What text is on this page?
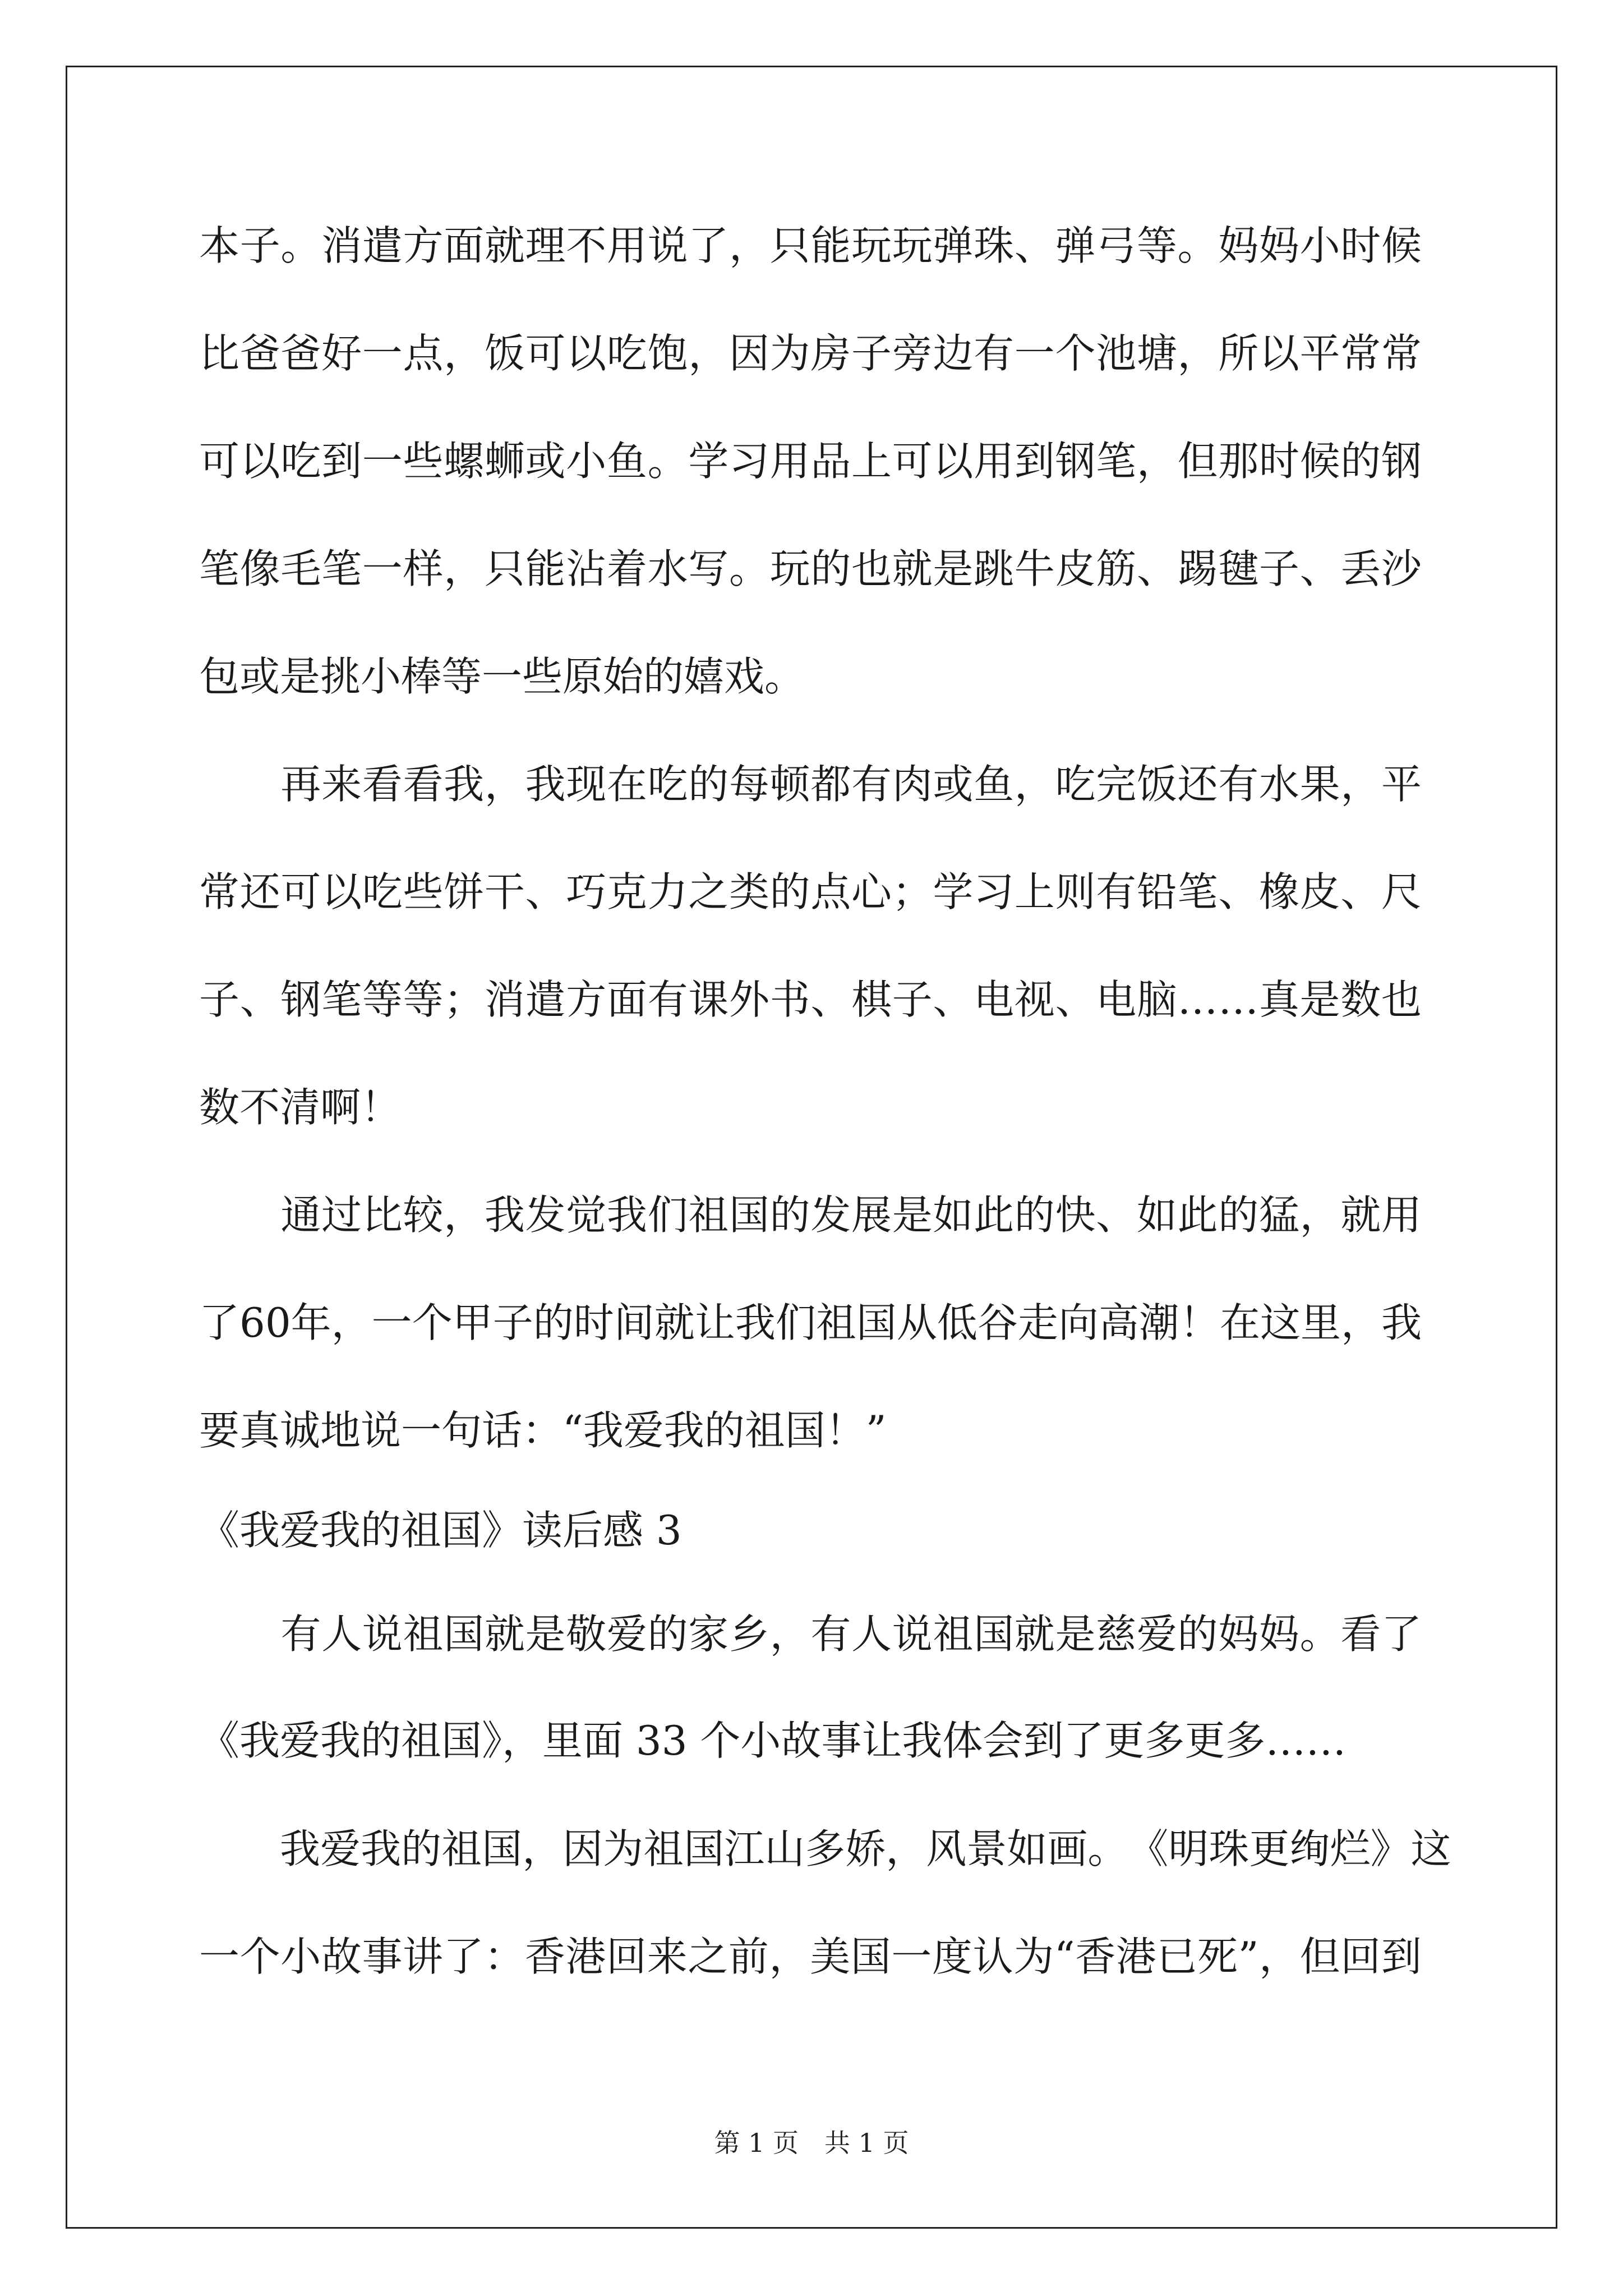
本 子 。 消 遣 方 面 就 理 不 用 说 了 ， 只 能 玩 玩 弹 珠 、 弹 弓 等 。 妈 妈 小 时 候
比 爸 爸 好 一 点 ， 饭 可 以 吃 饱 ， 因 为 房 子 旁 边 有 一 个 池 塘 ， 所 以 平 常 常
可 以 吃 到 一 些 螺 蛳 或 小 鱼 。 学 习 用 品 上 可 以 用 到 钢 笔 ， 但 那 时 候 的 钢
笔 像 毛 笔 一 样 ， 只 能 沾 着 水 写 。 玩 的 也 就 是 跳 牛 皮 筋 、 踢 毽 子 、 丢 沙
包或是挑小棒等一些原始的嬉戏。

再 来 看 看 我 ， 我 现 在 吃 的 每 顿 都 有 肉 或 鱼 ， 吃 完 饭 还 有 水 果 ， 平
常 还 可 以 吃 些 饼 干 、 巧 克 力 之 类 的 点 心 ； 学 习 上 则 有 铅 笔 、 橡 皮 、 尺
子 、 钢 笔 等 等 ； 消 遣 方 面 有 课 外 书 、 棋 子 、 电 视 、 电 脑 … … 真 是 数 也
数不清啊！

通 过 比 较 ， 我 发 觉 我 们 祖 国 的 发 展 是 如 此 的 快 、 如 此 的 猛 ， 就 用
了 60 年 ， 一 个 甲 子 的 时 间 就 让 我 们 祖 国 从 低 谷 走 向 高 潮 ！ 在 这 里 ， 我
要真诚地说一句话：“我爱我的祖国！”
《我爱我的祖国》读后感 3

有 人 说 祖 国 就 是 敬 爱 的 家 乡 ， 有 人 说 祖 国 就 是 慈 爱 的 妈 妈 。 看 了
《我爱我的祖国》，里面 33 个小故事让我体会到了更多更多……

我 爱 我 的 祖 国 ， 因 为 祖 国 江 山 多 娇 ， 风 景 如 画 。 《 明 珠 更 绚 烂 》 这
一 个 小 故 事 讲 了 ： 香 港 回 来 之 前 ， 美 国 一 度 认 为 “ 香 港 已 死 ” ， 但 回 到
第 1 页　共 1 页
